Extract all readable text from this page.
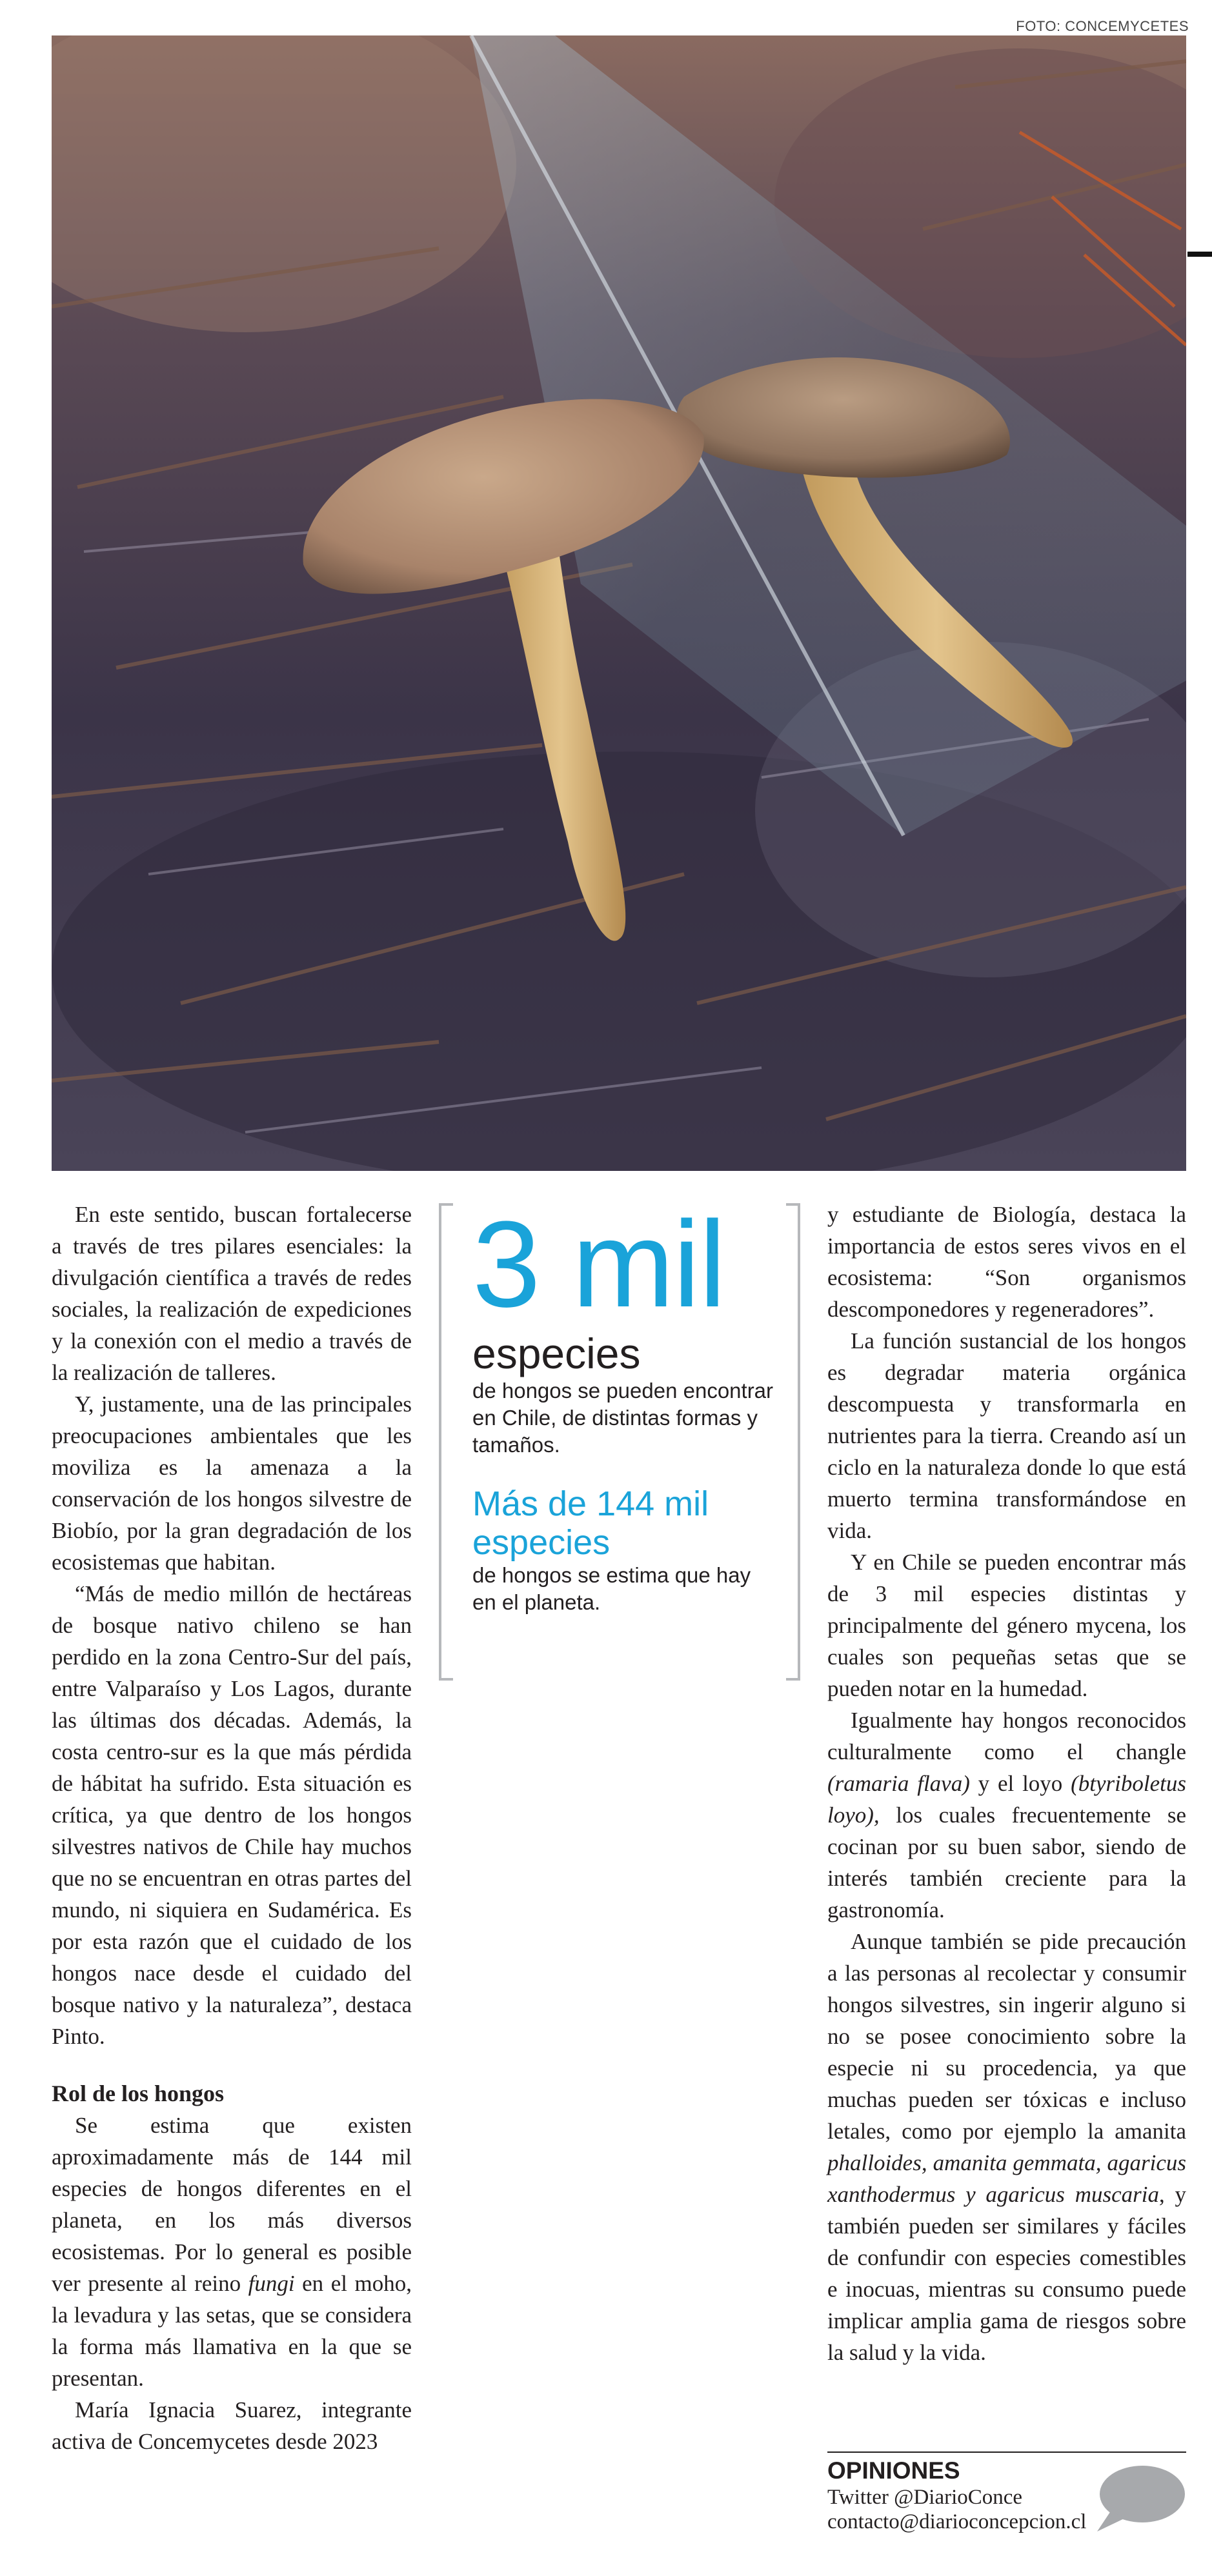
FOTO: CONCEMYCETES

En este sentido, buscan fortalecerse a través de tres pilares esenciales: la divulgación científica a través de redes sociales, la realización de expediciones y la conexión con el medio a través de la realización de talleres.

Y, justamente, una de las principales preocupaciones ambientales que les moviliza es la amenaza a la conservación de los hongos silvestre de Biobío, por la gran degradación de los ecosistemas que habitan.

“Más de medio millón de hectáreas de bosque nativo chileno se han perdido en la zona Centro-Sur del país, entre Valparaíso y Los Lagos, durante las últimas dos décadas. Además, la costa centro-sur es la que más pérdida de hábitat ha sufrido. Esta situación es crítica, ya que dentro de los hongos silvestres nativos de Chile hay muchos que no se encuentran en otras partes del mundo, ni siquiera en Sudamérica. Es por esta razón que el cuidado de los hongos nace desde el cuidado del bosque nativo y la naturaleza”, destaca Pinto.

Rol de los hongos

Se estima que existen aproximadamente más de 144 mil especies de hongos diferentes en el planeta, en los más diversos ecosistemas. Por lo general es posible ver presente al reino fungi en el moho, la levadura y las setas, que se considera la forma más llamativa en la que se presentan.

María Ignacia Suarez, integrante activa de Concemycetes desde 2023

3 mil
especies
de hongos se pueden encontrar en Chile, de distintas formas y tamaños.
Más de 144 mil especies
de hongos se estima que hay en el planeta.

y estudiante de Biología, destaca la importancia de estos seres vivos en el ecosistema: “Son organismos descomponedores y regeneradores”.

La función sustancial de los hongos es degradar materia orgánica descompuesta y transformarla en nutrientes para la tierra. Creando así un ciclo en la naturaleza donde lo que está muerto termina transformándose en vida.

Y en Chile se pueden encontrar más de 3 mil especies distintas y principalmente del género mycena, los cuales son pequeñas setas que se pueden notar en la humedad.

Igualmente hay hongos reconocidos culturalmente como el changle (ramaria flava) y el loyo (btyriboletus loyo), los cuales frecuentemente se cocinan por su buen sabor, siendo de interés también creciente para la gastronomía.

Aunque también se pide precaución a las personas al recolectar y consumir hongos silvestres, sin ingerir alguno si no se posee conocimiento sobre la especie ni su procedencia, ya que muchas pueden ser tóxicas e incluso letales, como por ejemplo la amanita phalloides, amanita gemmata, agaricus xanthodermus y agaricus muscaria, y también pueden ser similares y fáciles de confundir con especies comestibles e inocuas, mientras su consumo puede implicar amplia gama de riesgos sobre la salud y la vida.

OPINIONES
Twitter @DiarioConce
contacto@diarioconcepcion.cl
